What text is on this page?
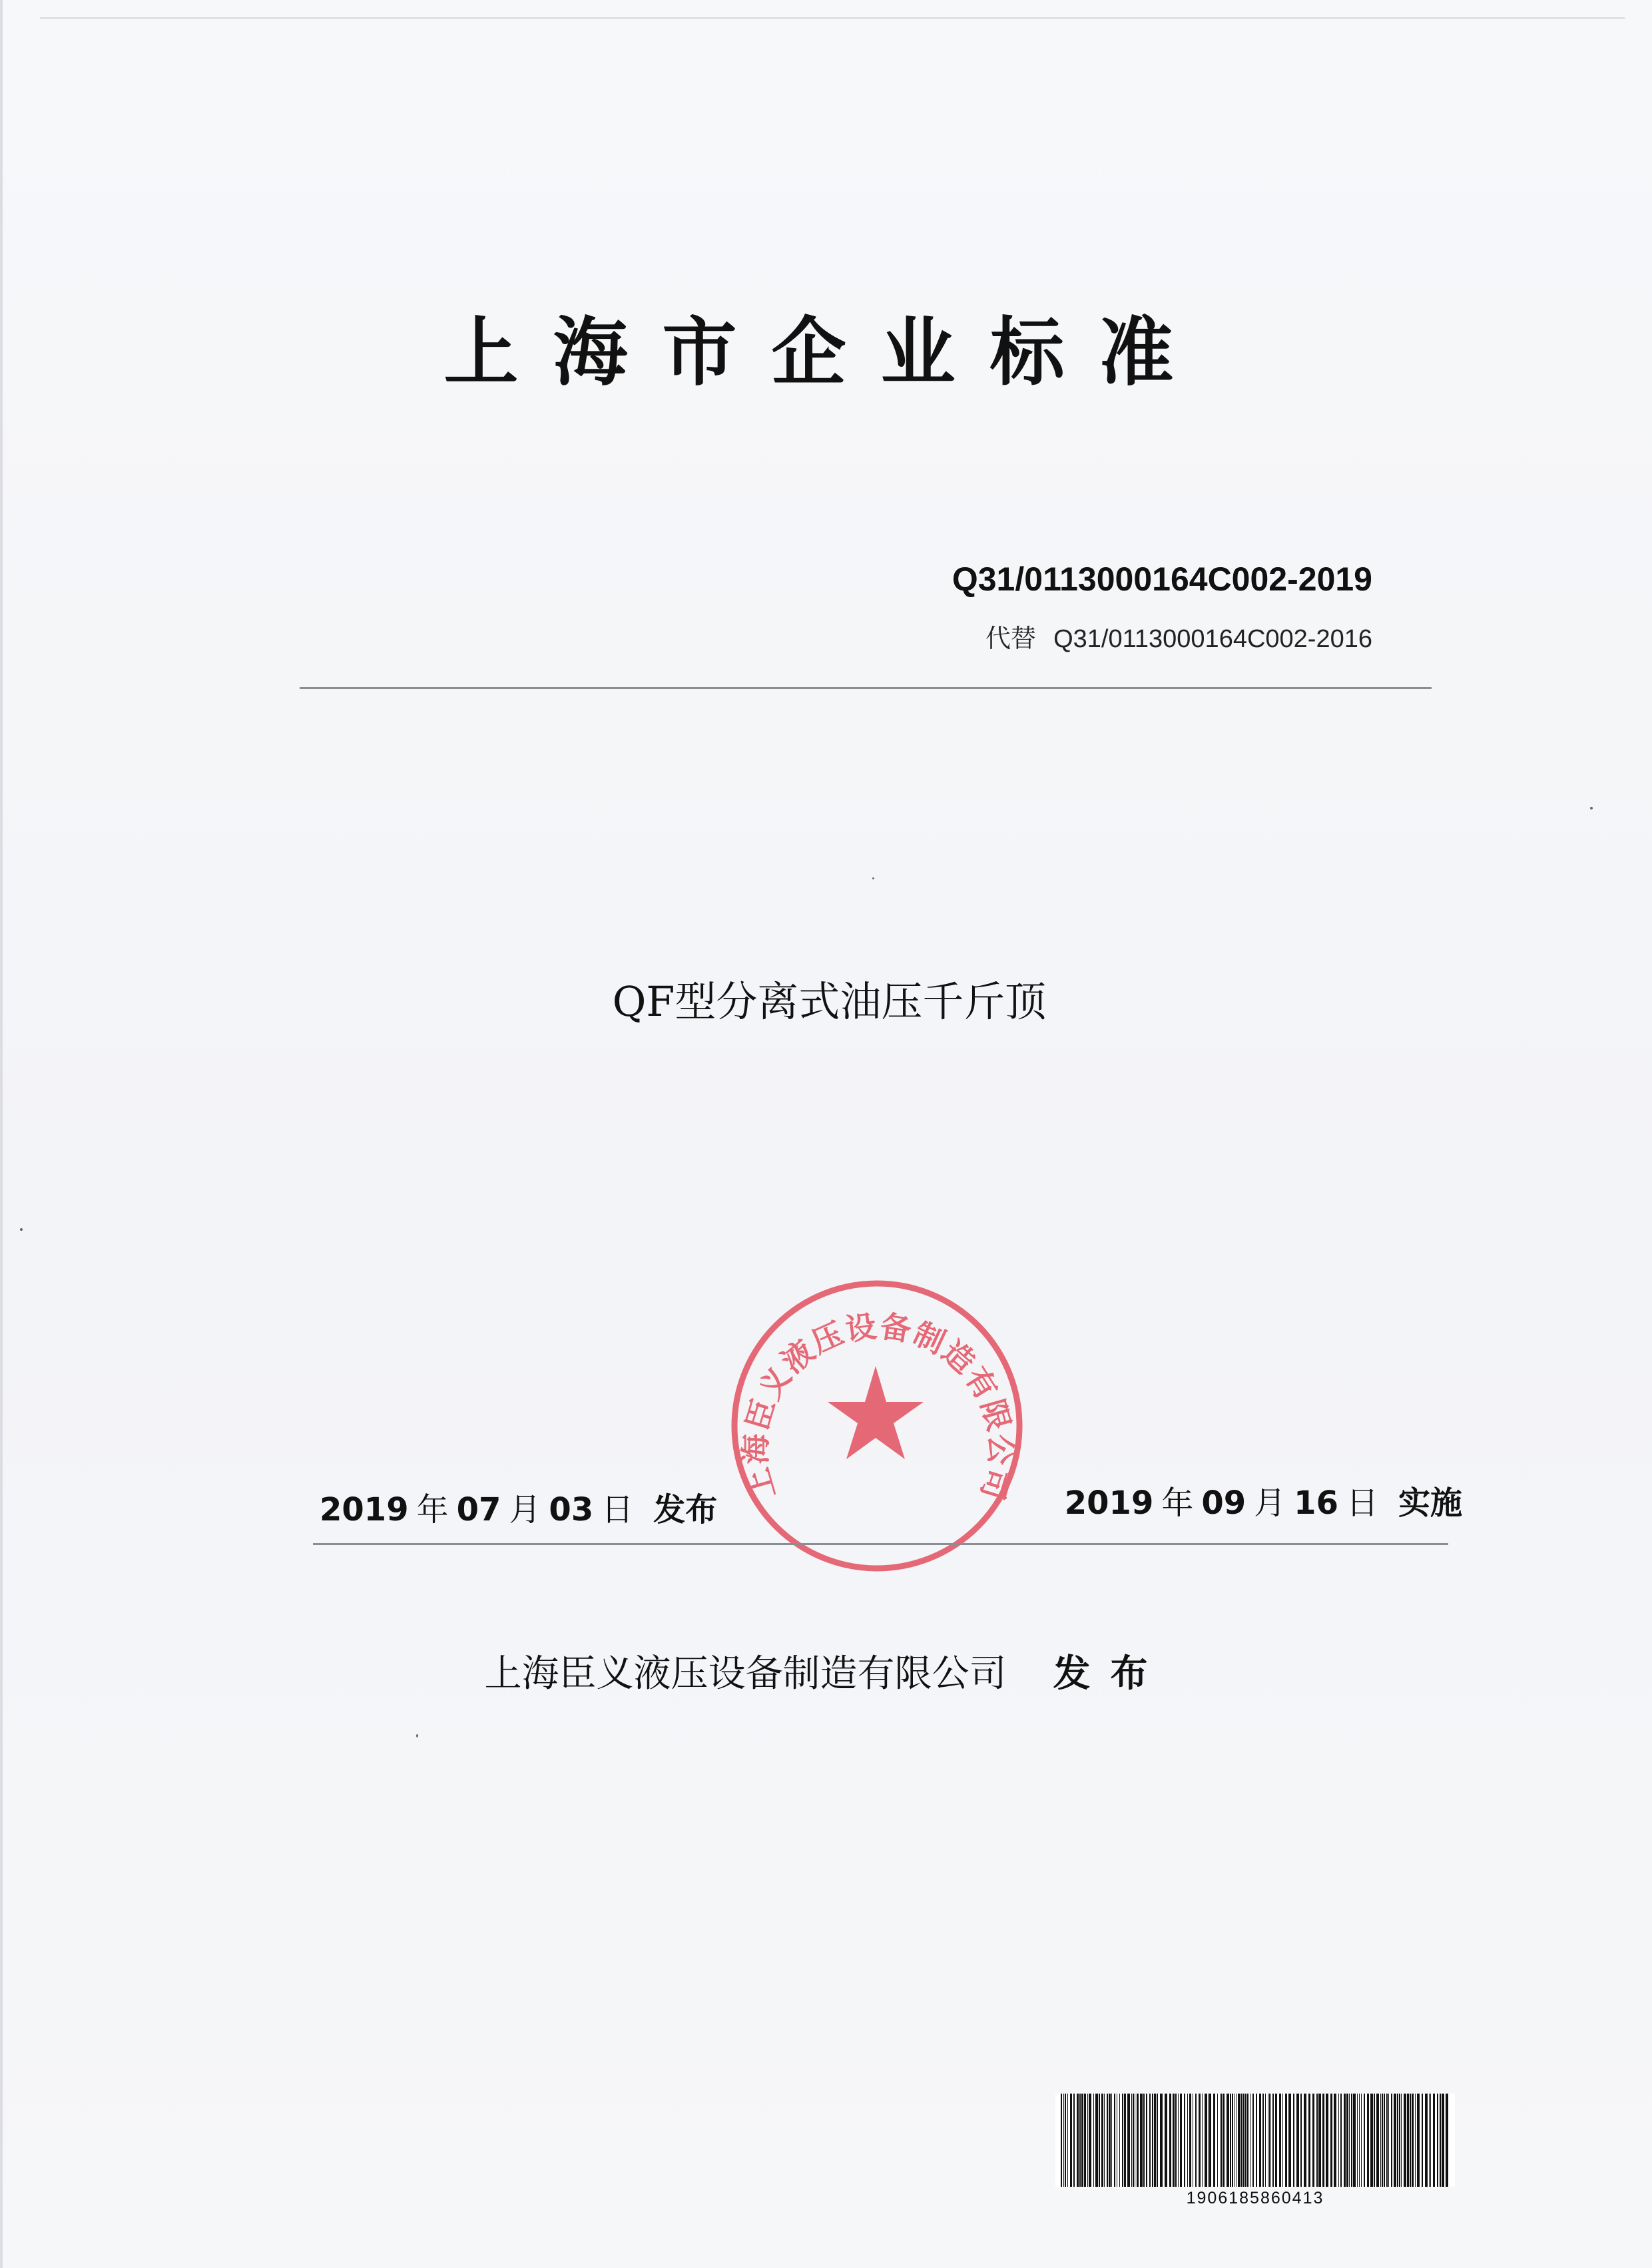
上海市企业标准
Q31/0113000164C002-2019
代替 Q31/0113000164C002-2016
QF型分离式油压千斤顶
上海臣义液压设备制造有限公司
2019 年 07 月 03 日 发布	2019 年 09 月 16 日 实施
上海臣义液压设备制造有限公司 发布
1906185860413
